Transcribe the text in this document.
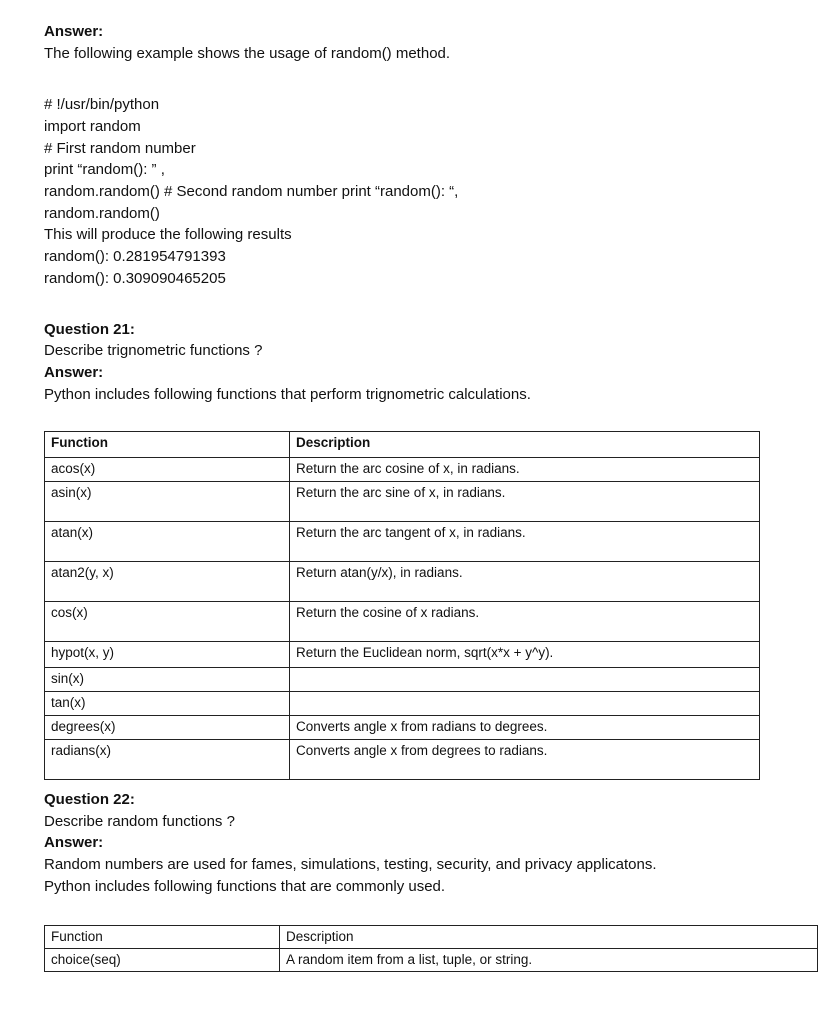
Answer:
The following example shows the usage of random() method.
# !/usr/bin/python
import random
# First random number
print “random(): ” ,
random.random() # Second random number print “random(): “,
random.random()
This will produce the following results
random(): 0.281954791393
random(): 0.309090465205
Question 21:
Describe trignometric functions ?
Answer:
Python includes following functions that perform trignometric calculations.
Function	Description
acos(x)	Return the arc cosine of x, in radians.
asin(x)	Return the arc sine of x, in radians.
atan(x)	Return the arc tangent of x, in radians.
atan2(y, x)	Return atan(y/x), in radians.
cos(x)	Return the cosine of x radians.
hypot(x, y)	Return the Euclidean norm, sqrt(x*x + y^y).
sin(x)	
tan(x)	
degrees(x)	Converts angle x from radians to degrees.
radians(x)	Converts angle x from degrees to radians.
Question 22:
Describe random functions ?
Answer:
Random numbers are used for fames, simulations, testing, security, and privacy applicatons.
Python includes following functions that are commonly used.
Function	Description
choice(seq)	A random item from a list, tuple, or string.
